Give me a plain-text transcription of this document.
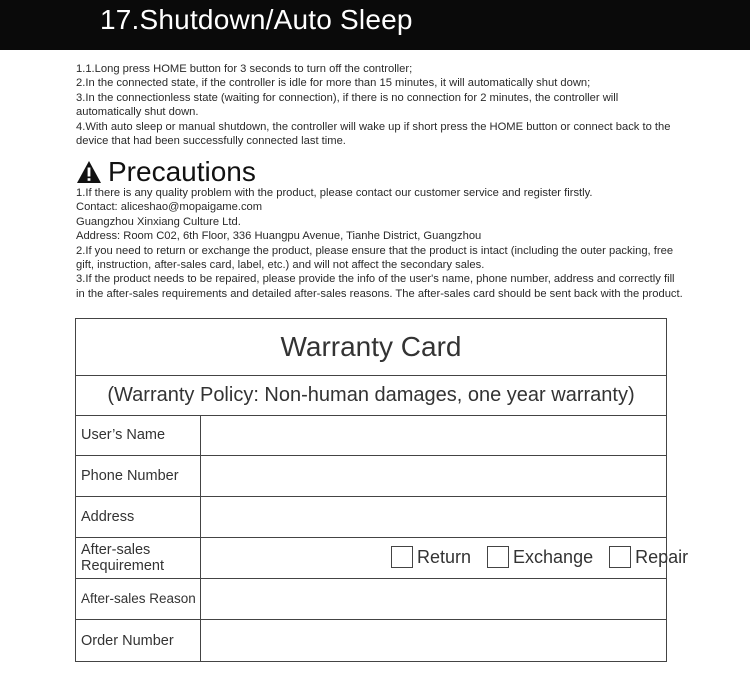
17.Shutdown/Auto Sleep

1.1.Long press HOME button for 3 seconds to turn off the controller;

2.In the connected state, if the controller is idle for more than 15 minutes, it will automatically shut down;

3.In the connectionless state (waiting for connection), if there is no connection for 2 minutes, the controller will automatically shut down.

4.With auto sleep or manual shutdown, the controller will wake up if short press the HOME button or connect back to the device that had been successfully connected last time.

Precautions

1.If there is any quality problem with the product, please contact our customer service and register firstly.

Contact: aliceshao@mopaigame.com

Guangzhou Xinxiang Culture Ltd.

Address: Room C02, 6th Floor, 336 Huangpu Avenue, Tianhe District, Guangzhou

2.If you need to return or exchange the product, please ensure that the product is intact (including the outer packing, free gift, instruction, after-sales card, label, etc.) and will not affect the secondary sales.

3.If the product needs to be repaired, please provide the info of the user's name, phone number, address and correctly fill in the after-sales requirements and detailed after-sales reasons. The after-sales card should be sent back with the product.

Warranty Card
(Warranty Policy: Non-human damages, one year warranty)
User’s Name
Phone Number
Address
After-sales Requirement	Return Exchange Repair
After-sales Reason
Order Number
